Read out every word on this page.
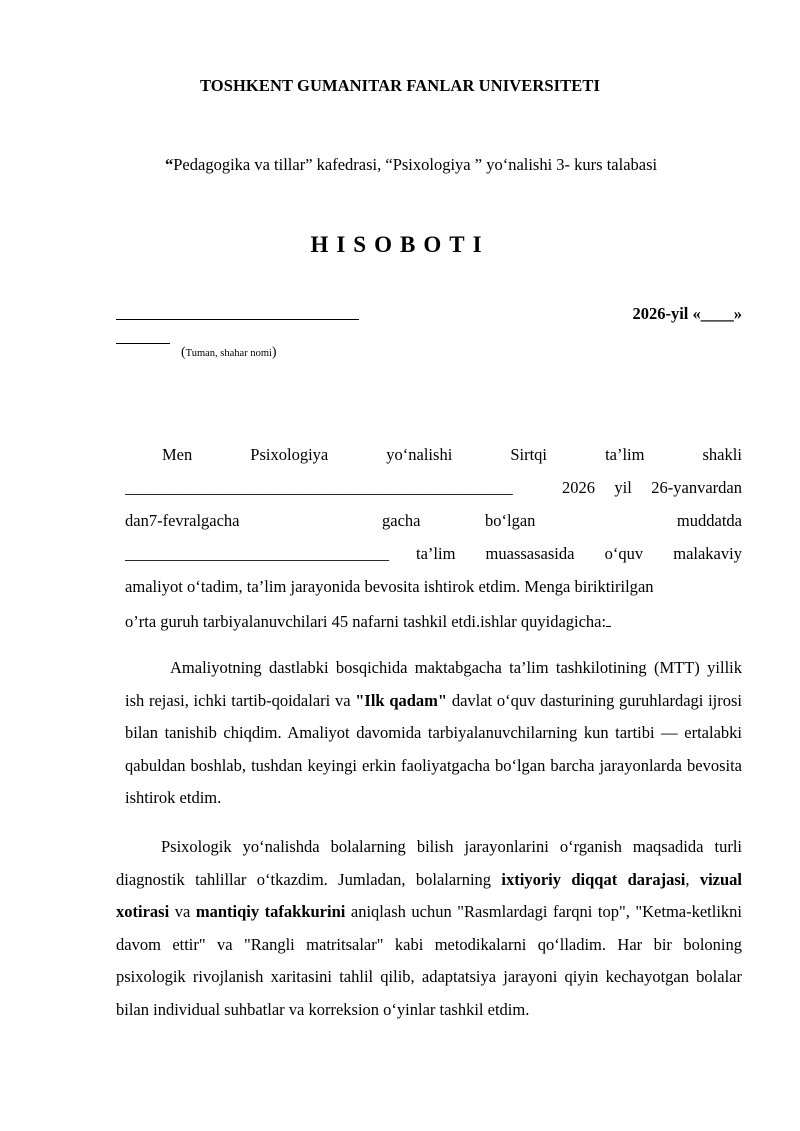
TOSHKENT GUMANITAR FANLAR UNIVERSITETI
“Pedagogika va tillar” kafedrasi, “Psixologiya ” yo‘nalishi 3- kurs talabasi
HISOBOTI
2026-yil «____»
(Tuman, shahar nomi)
Men	Psixologiya	yo‘nalishi	Sirtqi	ta’lim	shakli
_______________________________________________	2026 yil 26-yanvardan
dan7-fevralgacha	gacha	bo‘lgan	muddatda
________________________________ ta’lim muassasasida o‘quv malakaviy
amaliyot o‘tadim, ta’lim jarayonida bevosita ishtirok etdim. Menga biriktirilgan
o’rta guruh tarbiyalanuvchilari 45 nafarni tashkil etdi.ishlar quyidagicha:

Amaliyotning dastlabki bosqichida maktabgacha ta’lim tashkilotining (MTT) yillik ish rejasi, ichki tartib-qoidalari va "Ilk qadam" davlat o‘quv dasturining guruhlardagi ijrosi bilan tanishib chiqdim. Amaliyot davomida tarbiyalanuvchilarning kun tartibi — ertalabki qabuldan boshlab, tushdan keyingi erkin faoliyatgacha bo‘lgan barcha jarayonlarda bevosita ishtirok etdim.

Psixologik yo‘nalishda bolalarning bilish jarayonlarini o‘rganish maqsadida turli diagnostik tahlillar o‘tkazdim. Jumladan, bolalarning ixtiyoriy diqqat darajasi, vizual xotirasi va mantiqiy tafakkurini aniqlash uchun "Rasmlardagi farqni top", "Ketma-ketlikni davom ettir" va "Rangli matritsalar" kabi metodikalarni qo‘lladim. Har bir boloning psixologik rivojlanish xaritasini tahlil qilib, adaptatsiya jarayoni qiyin kechayotgan bolalar bilan individual suhbatlar va korreksion o‘yinlar tashkil etdim.
